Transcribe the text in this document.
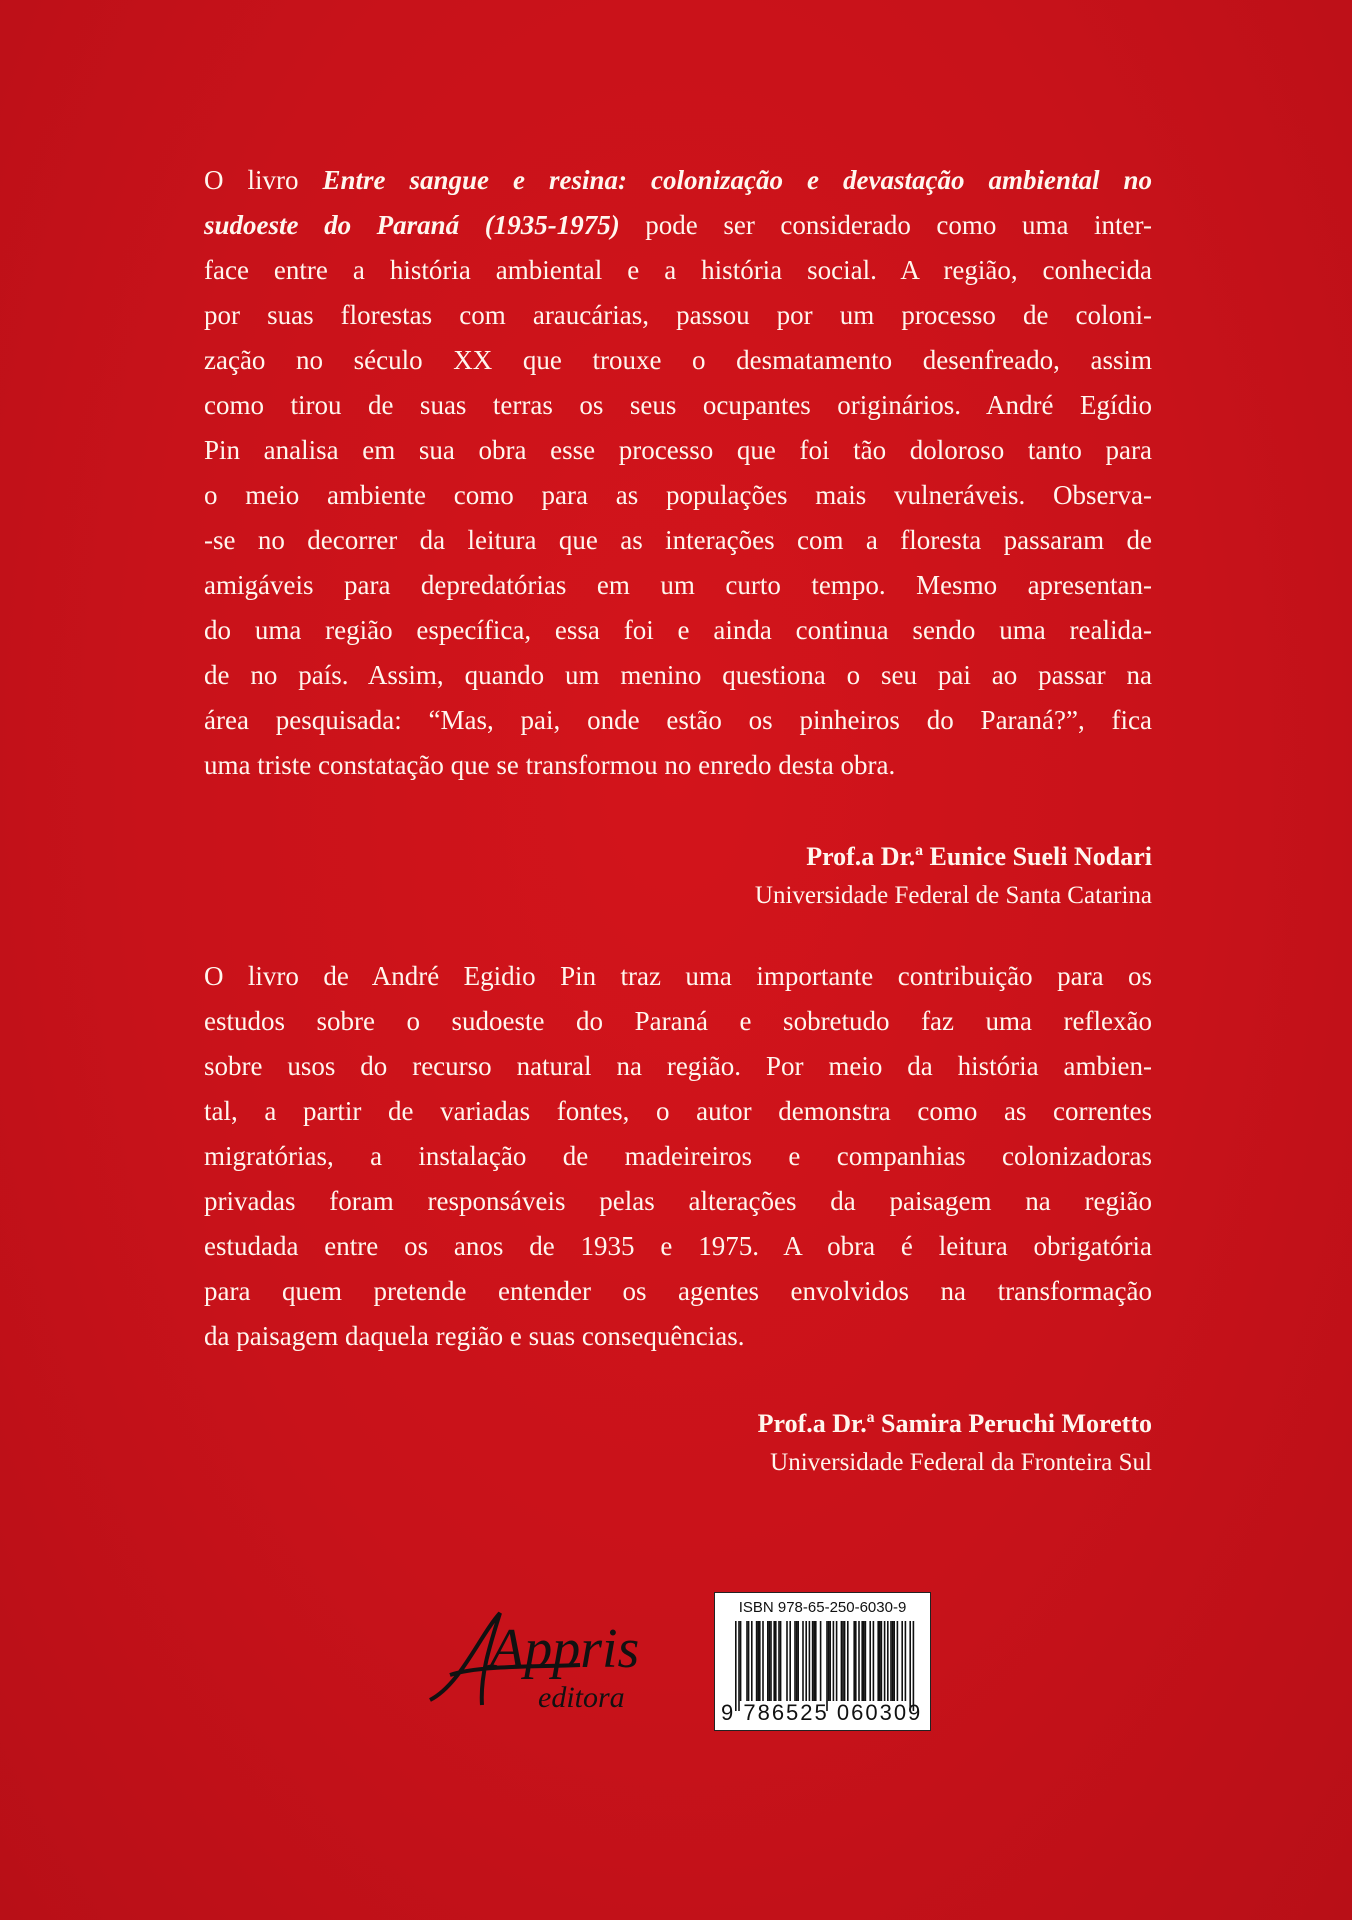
O livro Entre sangue e resina: colonização e devastação ambiental no
sudoeste do Paraná (1935-1975) pode ser considerado como uma inter-
face entre a história ambiental e a história social. A região, conhecida
por suas florestas com araucárias, passou por um processo de coloni-
zação no século XX que trouxe o desmatamento desenfreado, assim
como tirou de suas terras os seus ocupantes originários. André Egídio
Pin analisa em sua obra esse processo que foi tão doloroso tanto para
o meio ambiente como para as populações mais vulneráveis. Observa-
-se no decorrer da leitura que as interações com a floresta passaram de
amigáveis para depredatórias em um curto tempo. Mesmo apresentan-
do uma região específica, essa foi e ainda continua sendo uma realida-
de no país. Assim, quando um menino questiona o seu pai ao passar na
área pesquisada: “Mas, pai, onde estão os pinheiros do Paraná?”, fica
uma triste constatação que se transformou no enredo desta obra.
Prof.a Dr.ª Eunice Sueli Nodari
Universidade Federal de Santa Catarina
O livro de André Egidio Pin traz uma importante contribuição para os
estudos sobre o sudoeste do Paraná e sobretudo faz uma reflexão
sobre usos do recurso natural na região. Por meio da história ambien-
tal, a partir de variadas fontes, o autor demonstra como as correntes
migratórias, a instalação de madeireiros e companhias colonizadoras
privadas foram responsáveis pelas alterações da paisagem na região
estudada entre os anos de 1935 e 1975. A obra é leitura obrigatória
para quem pretende entender os agentes envolvidos na transformação
da paisagem daquela região e suas consequências.
Prof.a Dr.ª Samira Peruchi Moretto
Universidade Federal da Fronteira Sul
Appris
editora
ISBN 978-65-250-6030-9
9 786525 060309
